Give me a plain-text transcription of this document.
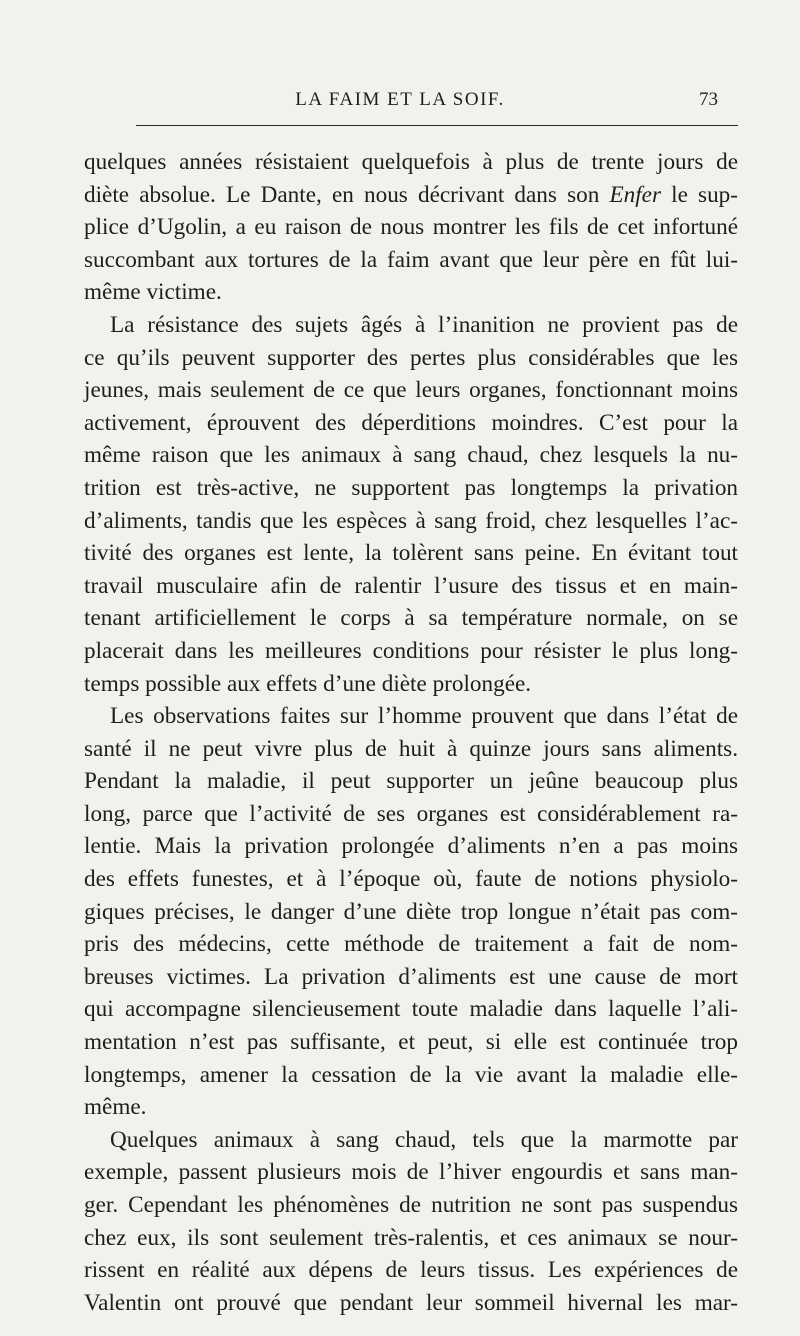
LA FAIM ET LA SOIF.	73
quelques années résistaient quelquefois à plus de trente jours de
diète absolue. Le Dante, en nous décrivant dans son Enfer le sup-
plice d’Ugolin, a eu raison de nous montrer les fils de cet infortuné
succombant aux tortures de la faim avant que leur père en fût lui-
même victime.
La résistance des sujets âgés à l’inanition ne provient pas de
ce qu’ils peuvent supporter des pertes plus considérables que les
jeunes, mais seulement de ce que leurs organes, fonctionnant moins
activement, éprouvent des déperditions moindres. C’est pour la
même raison que les animaux à sang chaud, chez lesquels la nu-
trition est très-active, ne supportent pas longtemps la privation
d’aliments, tandis que les espèces à sang froid, chez lesquelles l’ac-
tivité des organes est lente, la tolèrent sans peine. En évitant tout
travail musculaire afin de ralentir l’usure des tissus et en main-
tenant artificiellement le corps à sa température normale, on se
placerait dans les meilleures conditions pour résister le plus long-
temps possible aux effets d’une diète prolongée.
Les observations faites sur l’homme prouvent que dans l’état de
santé il ne peut vivre plus de huit à quinze jours sans aliments.
Pendant la maladie, il peut supporter un jeûne beaucoup plus
long, parce que l’activité de ses organes est considérablement ra-
lentie. Mais la privation prolongée d’aliments n’en a pas moins
des effets funestes, et à l’époque où, faute de notions physiolo-
giques précises, le danger d’une diète trop longue n’était pas com-
pris des médecins, cette méthode de traitement a fait de nom-
breuses victimes. La privation d’aliments est une cause de mort
qui accompagne silencieusement toute maladie dans laquelle l’ali-
mentation n’est pas suffisante, et peut, si elle est continuée trop
longtemps, amener la cessation de la vie avant la maladie elle-
même.
Quelques animaux à sang chaud, tels que la marmotte par
exemple, passent plusieurs mois de l’hiver engourdis et sans man-
ger. Cependant les phénomènes de nutrition ne sont pas suspendus
chez eux, ils sont seulement très-ralentis, et ces animaux se nour-
rissent en réalité aux dépens de leurs tissus. Les expériences de
Valentin ont prouvé que pendant leur sommeil hivernal les mar-
